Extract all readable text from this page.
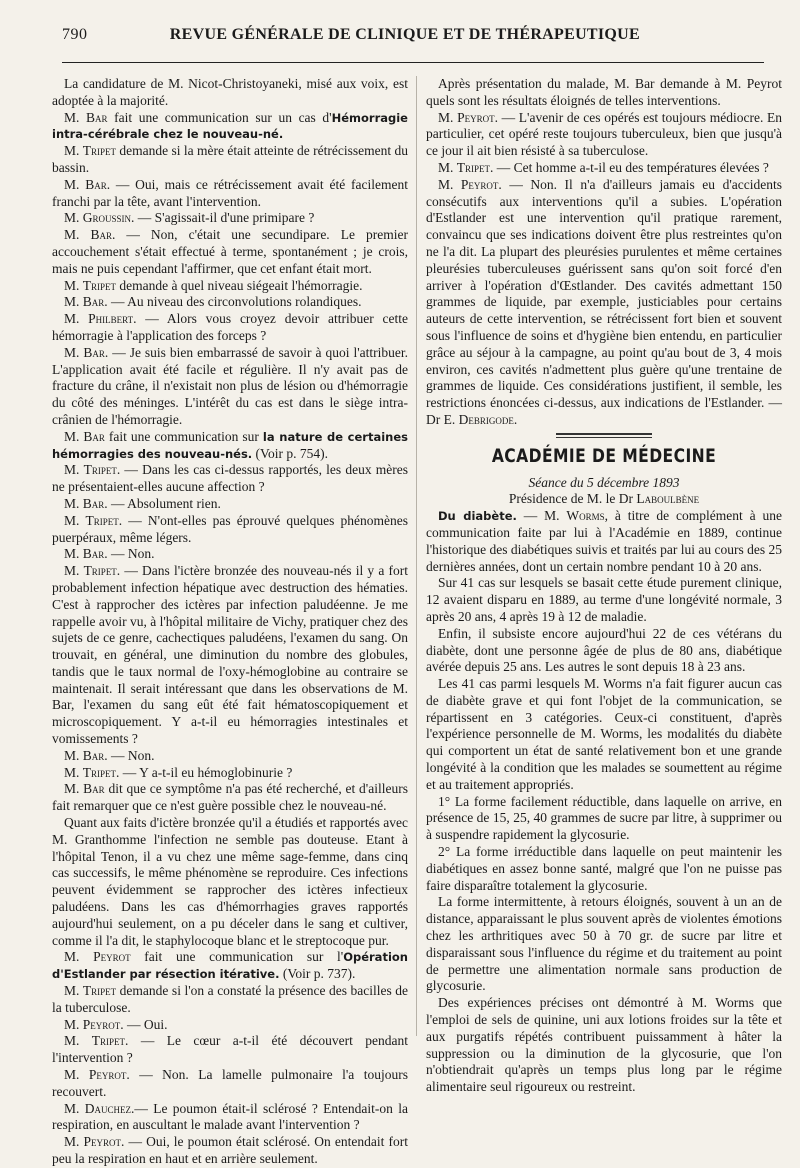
790	REVUE GÉNÉRALE DE CLINIQUE ET DE THÉRAPEUTIQUE

La candidature de M. Nicot-Christoyaneki, misé aux voix, est adoptée à la majorité.

M. Bar fait une communication sur un cas d'Hémorragie intra-cérébrale chez le nouveau-né.

M. Tripet demande si la mère était atteinte de rétrécissement du bassin.

M. Bar. — Oui, mais ce rétrécissement avait été facilement franchi par la tête, avant l'intervention.

M. Groussin. — S'agissait-il d'une primipare ?

M. Bar. — Non, c'était une secundipare. Le premier accouchement s'était effectué à terme, spontanément ; je crois, mais ne puis cependant l'affirmer, que cet enfant était mort.

M. Tripet demande à quel niveau siégeait l'hémorragie.

M. Bar. — Au niveau des circonvolutions rolandiques.

M. Philbert. — Alors vous croyez devoir attribuer cette hémorragie à l'application des forceps ?

M. Bar. — Je suis bien embarrassé de savoir à quoi l'attribuer. L'application avait été facile et régulière. Il n'y avait pas de fracture du crâne, il n'existait non plus de lésion ou d'hémorragie du côté des méninges. L'intérêt du cas est dans le siège intra-crânien de l'hémorragie.

M. Bar fait une communication sur la nature de certaines hémorragies des nouveau-nés. (Voir p. 754).

M. Tripet. — Dans les cas ci-dessus rapportés, les deux mères ne présentaient-elles aucune affection ?

M. Bar. — Absolument rien.

M. Tripet. — N'ont-elles pas éprouvé quelques phénomènes puerpéraux, même légers.

M. Bar. — Non.

M. Tripet. — Dans l'ictère bronzée des nouveau-nés il y a fort probablement infection hépatique avec destruction des hématies. C'est à rapprocher des ictères par infection paludéenne. Je me rappelle avoir vu, à l'hôpital militaire de Vichy, pratiquer chez des sujets de ce genre, cachectiques paludéens, l'examen du sang. On trouvait, en général, une diminution du nombre des globules, tandis que le taux normal de l'oxy-hémoglobine au contraire se maintenait. Il serait intéressant que dans les observations de M. Bar, l'examen du sang eût été fait hématoscopiquement et microscopiquement. Y a-t-il eu hémorragies intestinales et vomissements ?

M. Bar. — Non.

M. Tripet. — Y a-t-il eu hémoglobinurie ?

M. Bar dit que ce symptôme n'a pas été recherché, et d'ailleurs fait remarquer que ce n'est guère possible chez le nouveau-né.

Quant aux faits d'ictère bronzée qu'il a étudiés et rapportés avec M. Granthomme l'infection ne semble pas douteuse. Etant à l'hôpital Tenon, il a vu chez une même sage-femme, dans cinq cas successifs, le même phénomène se reproduire. Ces infections peuvent évidemment se rapprocher des ictères infectieux paludéens. Dans les cas d'hémorrhagies graves rapportés aujourd'hui seulement, on a pu déceler dans le sang et cultiver, comme il l'a dit, le staphylocoque blanc et le streptocoque pur.

M. Peyrot fait une communication sur l'Opération d'Estlander par résection itérative. (Voir p. 737).

M. Tripet demande si l'on a constaté la présence des bacilles de la tuberculose.

M. Peyrot. — Oui.

M. Tripet. — Le cœur a-t-il été découvert pendant l'intervention ?

M. Peyrot. — Non. La lamelle pulmonaire l'a toujours recouvert.

M. Dauchez.— Le poumon était-il sclérosé ? Entendait-on la respiration, en auscultant le malade avant l'intervention ?

M. Peyrot. — Oui, le poumon était sclérosé. On entendait fort peu la respiration en haut et en arrière seulement.

Après présentation du malade, M. Bar demande à M. Peyrot quels sont les résultats éloignés de telles interventions.

M. Peyrot. — L'avenir de ces opérés est toujours médiocre. En particulier, cet opéré reste toujours tuberculeux, bien que jusqu'à ce jour il ait bien résisté à sa tuberculose.

M. Tripet. — Cet homme a-t-il eu des températures élevées ?

M. Peyrot. — Non. Il n'a d'ailleurs jamais eu d'accidents consécutifs aux interventions qu'il a subies. L'opération d'Estlander est une intervention qu'il pratique rarement, convaincu que ses indications doivent être plus restreintes qu'on ne l'a dit. La plupart des pleurésies purulentes et même certaines pleurésies tuberculeuses guérissent sans qu'on soit forcé d'en arriver à l'opération d'Œstlander. Des cavités admettant 150 grammes de liquide, par exemple, justiciables pour certains auteurs de cette intervention, se rétrécissent fort bien et souvent sous l'influence de soins et d'hygiène bien entendu, en particulier grâce au séjour à la campagne, au point qu'au bout de 3, 4 mois environ, ces cavités n'admettent plus guère qu'une trentaine de grammes de liquide. Ces considérations justifient, il semble, les restrictions énoncées ci-dessus, aux indications de l'Estlander. — Dr E. Debrigode.

ACADÉMIE DE MÉDECINE

Séance du 5 décembre 1893

Présidence de M. le Dr Laboulbène

Du diabète. — M. Worms, à titre de complément à une communication faite par lui à l'Académie en 1889, continue l'historique des diabétiques suivis et traités par lui au cours des 25 dernières années, dont un certain nombre pendant 10 à 20 ans.

Sur 41 cas sur lesquels se basait cette étude purement clinique, 12 avaient disparu en 1889, au terme d'une longévité normale, 3 après 20 ans, 4 après 19 à 12 de maladie.

Enfin, il subsiste encore aujourd'hui 22 de ces vétérans du diabète, dont une personne âgée de plus de 80 ans, diabétique avérée depuis 25 ans. Les autres le sont depuis 18 à 23 ans.

Les 41 cas parmi lesquels M. Worms n'a fait figurer aucun cas de diabète grave et qui font l'objet de la communication, se répartissent en 3 catégories. Ceux-ci constituent, d'après l'expérience personnelle de M. Worms, les modalités du diabète qui comportent un état de santé relativement bon et une grande longévité à la condition que les malades se soumettent au régime et au traitement appropriés.

1° La forme facilement réductible, dans laquelle on arrive, en présence de 15, 25, 40 grammes de sucre par litre, à supprimer ou à suspendre rapidement la glycosurie.

2° La forme irréductible dans laquelle on peut maintenir les diabétiques en assez bonne santé, malgré que l'on ne puisse pas faire disparaître totalement la glycosurie.

La forme intermittente, à retours éloignés, souvent à un an de distance, apparaissant le plus souvent après de violentes émotions chez les arthritiques avec 50 à 70 gr. de sucre par litre et disparaissant sous l'influence du régime et du traitement au point de permettre une alimentation normale sans production de glycosurie.

Des expériences précises ont démontré à M. Worms que l'emploi de sels de quinine, uni aux lotions froides sur la tête et aux purgatifs répétés contribuent puissamment à hâter la suppression ou la diminution de la glycosurie, que l'on n'obtiendrait qu'après un temps plus long par le régime alimentaire seul rigoureux ou restreint.
